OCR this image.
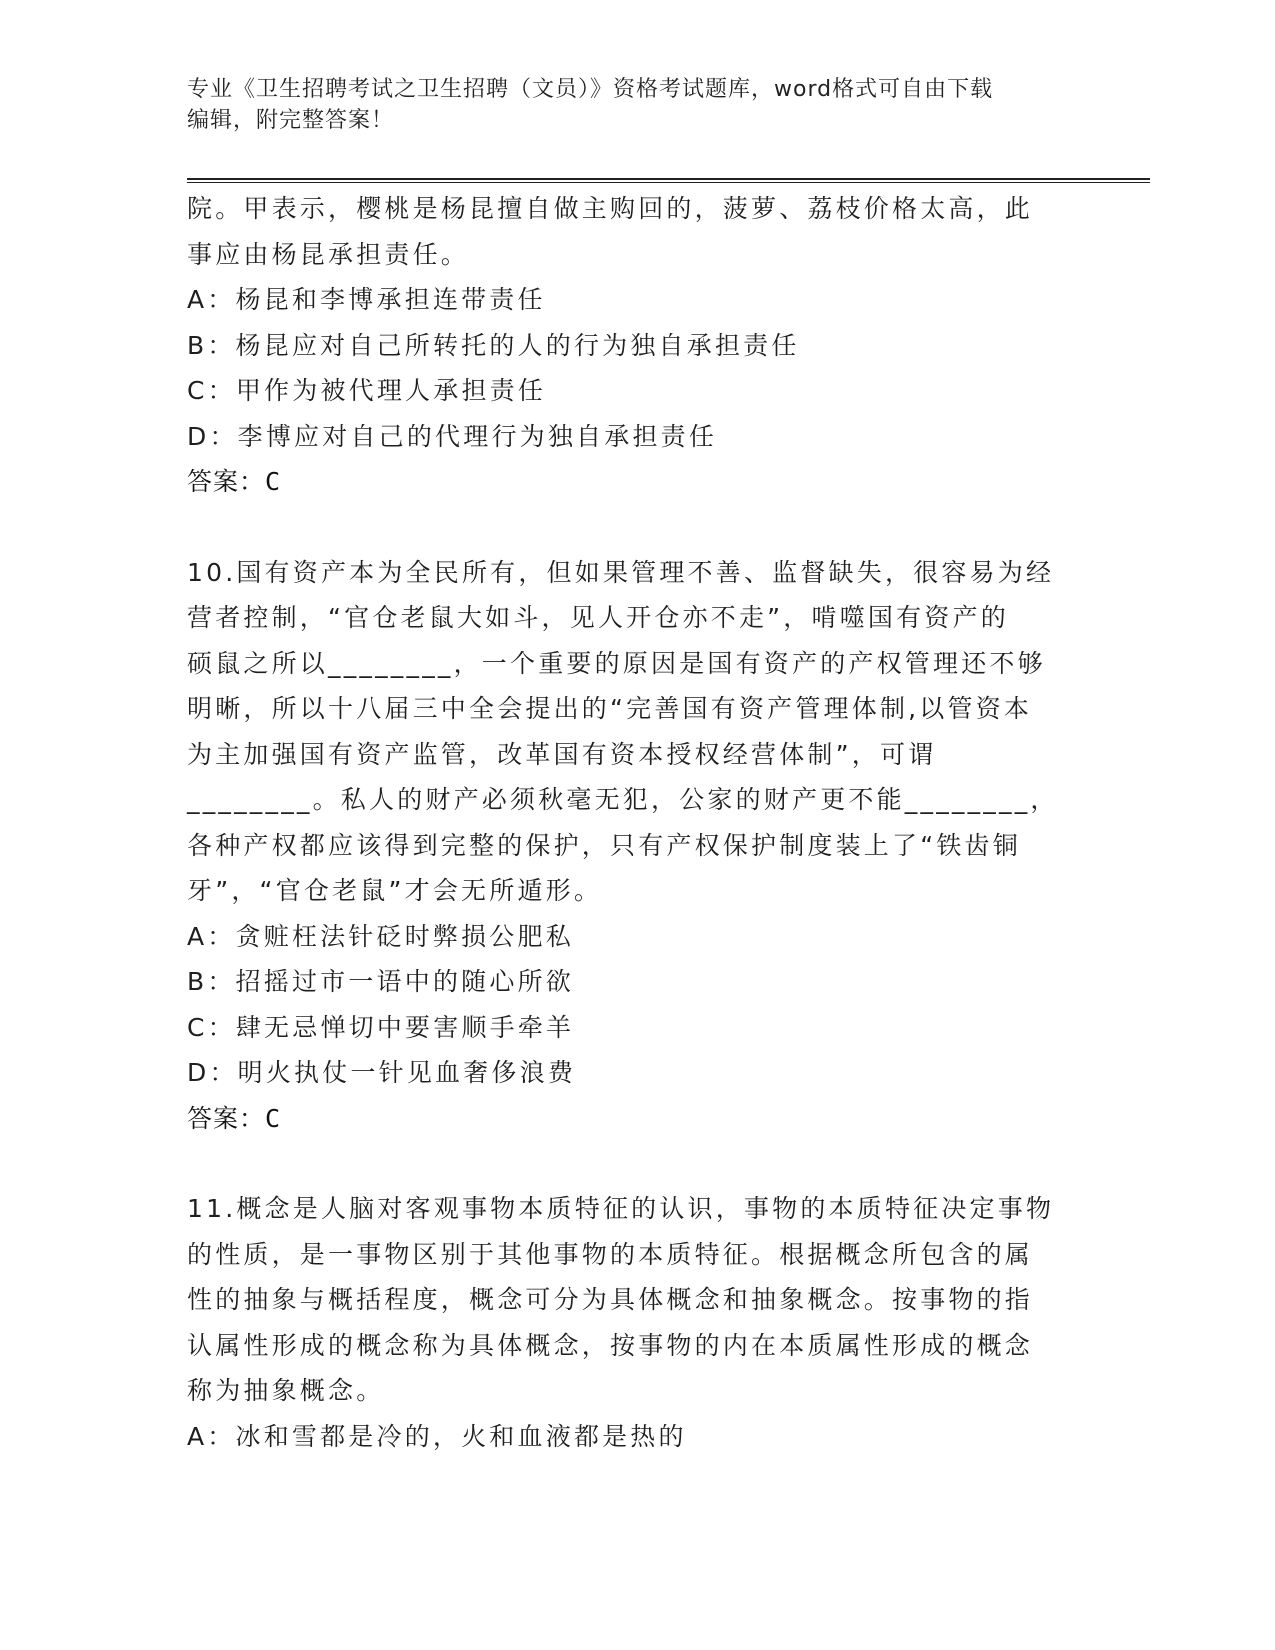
专业《卫生招聘考试之卫生招聘（文员）》资格考试题库，word格式可自由下载
编辑，附完整答案！
院。甲表示，樱桃是杨昆擅自做主购回的，菠萝、荔枝价格太高，此
事应由杨昆承担责任。
A：杨昆和李博承担连带责任
B：杨昆应对自己所转托的人的行为独自承担责任
C：甲作为被代理人承担责任
D：李博应对自己的代理行为独自承担责任
答案：C
10.国有资产本为全民所有，但如果管理不善、监督缺失，很容易为经
营者控制，“官仓老鼠大如斗，见人开仓亦不走”，啃噬国有资产的
硕鼠之所以________，一个重要的原因是国有资产的产权管理还不够
明晰，所以十八届三中全会提出的“完善国有资产管理体制,以管资本
为主加强国有资产监管，改革国有资本授权经营体制”，可谓
________。私人的财产必须秋毫无犯，公家的财产更不能________，
各种产权都应该得到完整的保护，只有产权保护制度装上了“铁齿铜
牙”，“官仓老鼠”才会无所遁形。
A：贪赃枉法针砭时弊损公肥私
B：招摇过市一语中的随心所欲
C：肆无忌惮切中要害顺手牵羊
D：明火执仗一针见血奢侈浪费
答案：C
11.概念是人脑对客观事物本质特征的认识，事物的本质特征决定事物
的性质，是一事物区别于其他事物的本质特征。根据概念所包含的属
性的抽象与概括程度，概念可分为具体概念和抽象概念。按事物的指
认属性形成的概念称为具体概念，按事物的内在本质属性形成的概念
称为抽象概念。
A：冰和雪都是冷的，火和血液都是热的
